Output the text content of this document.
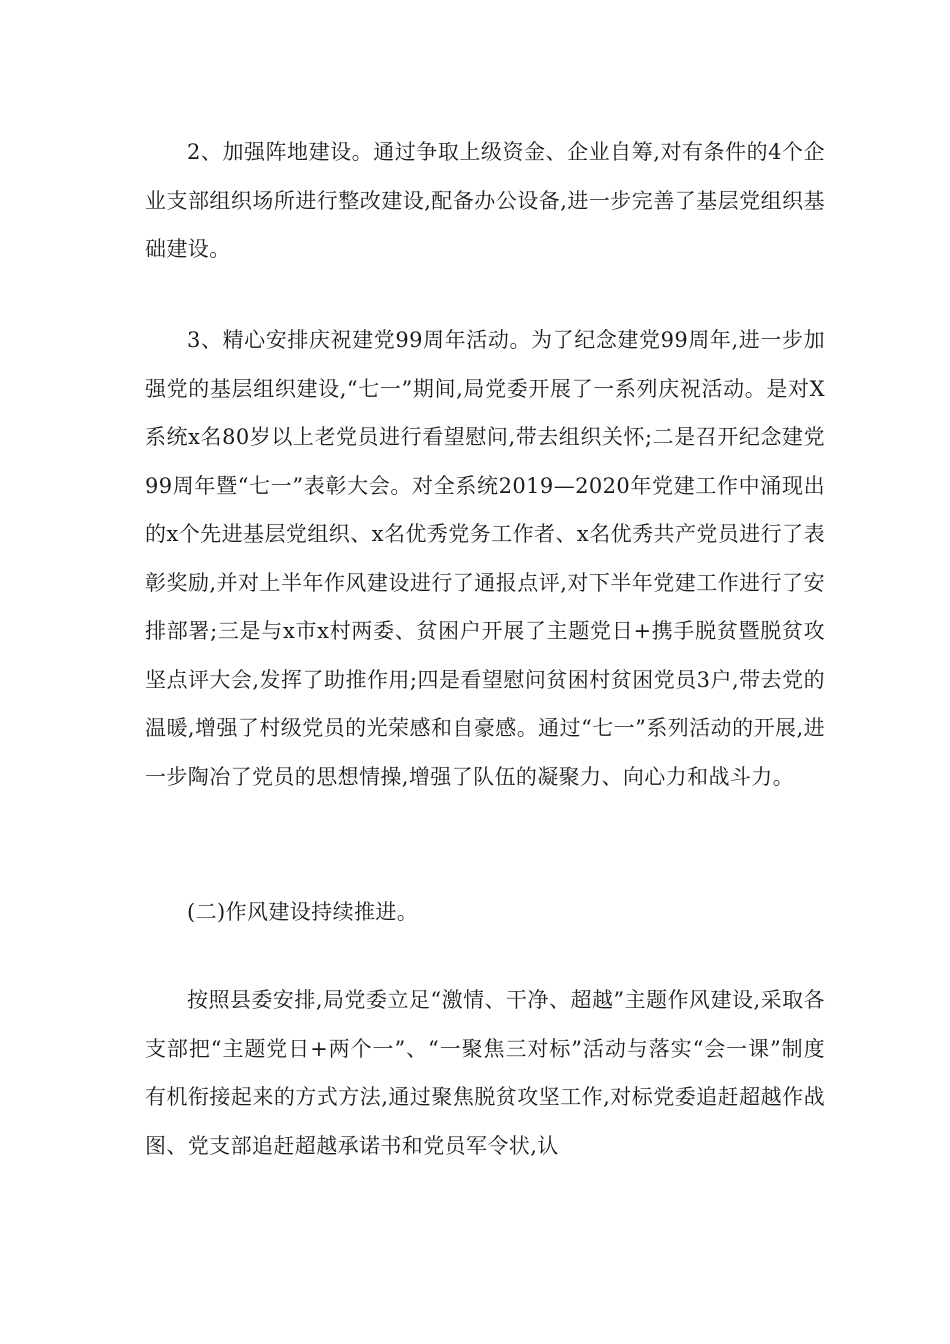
2、加强阵地建设。通过争取上级资金、企业自筹,对有条件的4个企业支部组织场所进行整改建设,配备办公设备,进一步完善了基层党组织基础建设。

3、精心安排庆祝建党99周年活动。为了纪念建党99周年,进一步加强党的基层组织建设,“七一”期间,局党委开展了一系列庆祝活动。是对X系统x名80岁以上老党员进行看望慰问,带去组织关怀;二是召开纪念建党99周年暨“七一”表彰大会。对全系统2019—2020年党建工作中涌现出的x个先进基层党组织、x名优秀党务工作者、x名优秀共产党员进行了表彰奖励,并对上半年作风建设进行了通报点评,对下半年党建工作进行了安排部署;三是与x市x村两委、贫困户开展了主题党日+携手脱贫暨脱贫攻坚点评大会,发挥了助推作用;四是看望慰问贫困村贫困党员3户,带去党的温暖,增强了村级党员的光荣感和自豪感。通过“七一”系列活动的开展,进一步陶冶了党员的思想情操,增强了队伍的凝聚力、向心力和战斗力。

(二)作风建设持续推进。

按照县委安排,局党委立足“激情、干净、超越”主题作风建设,采取各支部把“主题党日+两个一”、“一聚焦三对标”活动与落实“会一课”制度有机衔接起来的方式方法,通过聚焦脱贫攻坚工作,对标党委追赶超越作战图、党支部追赶超越承诺书和党员军令状,认
